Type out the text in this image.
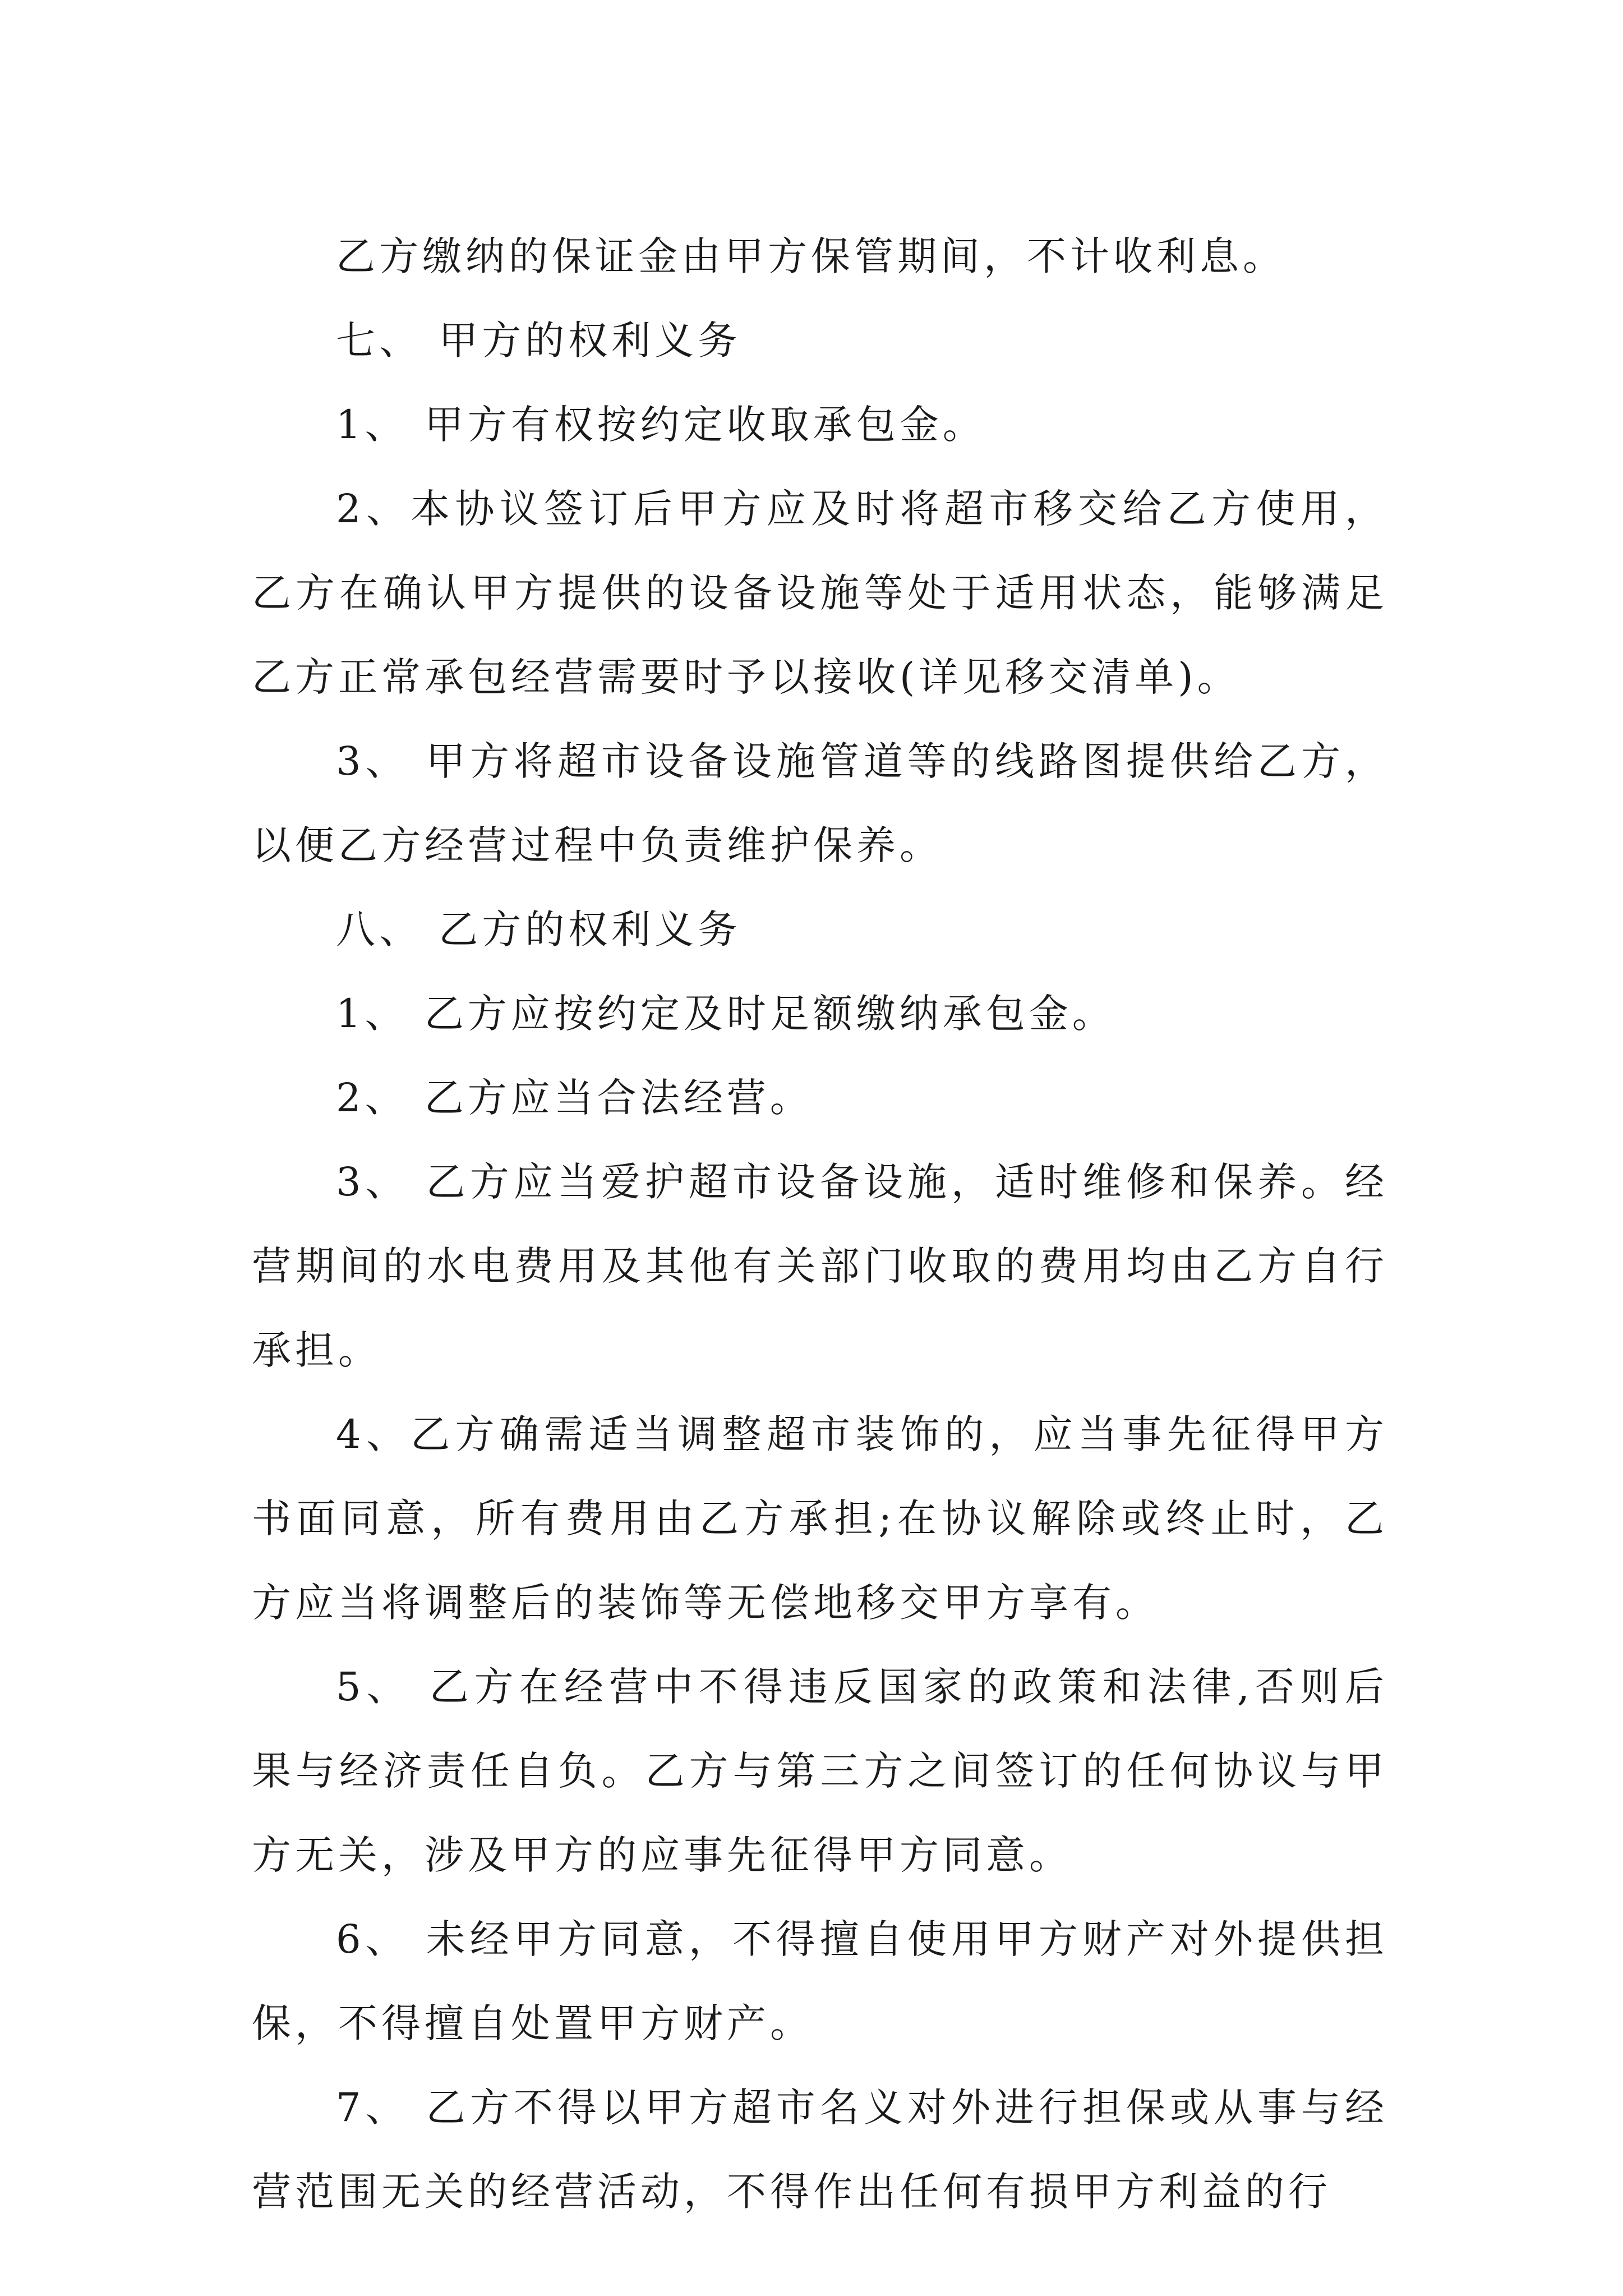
乙方缴纳的保证金由甲方保管期间，不计收利息。

七、 甲方的权利义务

1、 甲方有权按约定收取承包金。

2、本协议签订后甲方应及时将超市移交给乙方使用，乙方在确认甲方提供的设备设施等处于适用状态，能够满足乙方正常承包经营需要时予以接收(详见移交清单)。

3、 甲方将超市设备设施管道等的线路图提供给乙方，以便乙方经营过程中负责维护保养。

八、 乙方的权利义务

1、 乙方应按约定及时足额缴纳承包金。

2、 乙方应当合法经营。

3、 乙方应当爱护超市设备设施，适时维修和保养。经营期间的水电费用及其他有关部门收取的费用均由乙方自行承担。

4、乙方确需适当调整超市装饰的，应当事先征得甲方书面同意，所有费用由乙方承担;在协议解除或终止时，乙方应当将调整后的装饰等无偿地移交甲方享有。

5、 乙方在经营中不得违反国家的政策和法律,否则后果与经济责任自负。乙方与第三方之间签订的任何协议与甲方无关，涉及甲方的应事先征得甲方同意。

6、 未经甲方同意，不得擅自使用甲方财产对外提供担保，不得擅自处置甲方财产。

7、 乙方不得以甲方超市名义对外进行担保或从事与经营范围无关的经营活动，不得作出任何有损甲方利益的行
